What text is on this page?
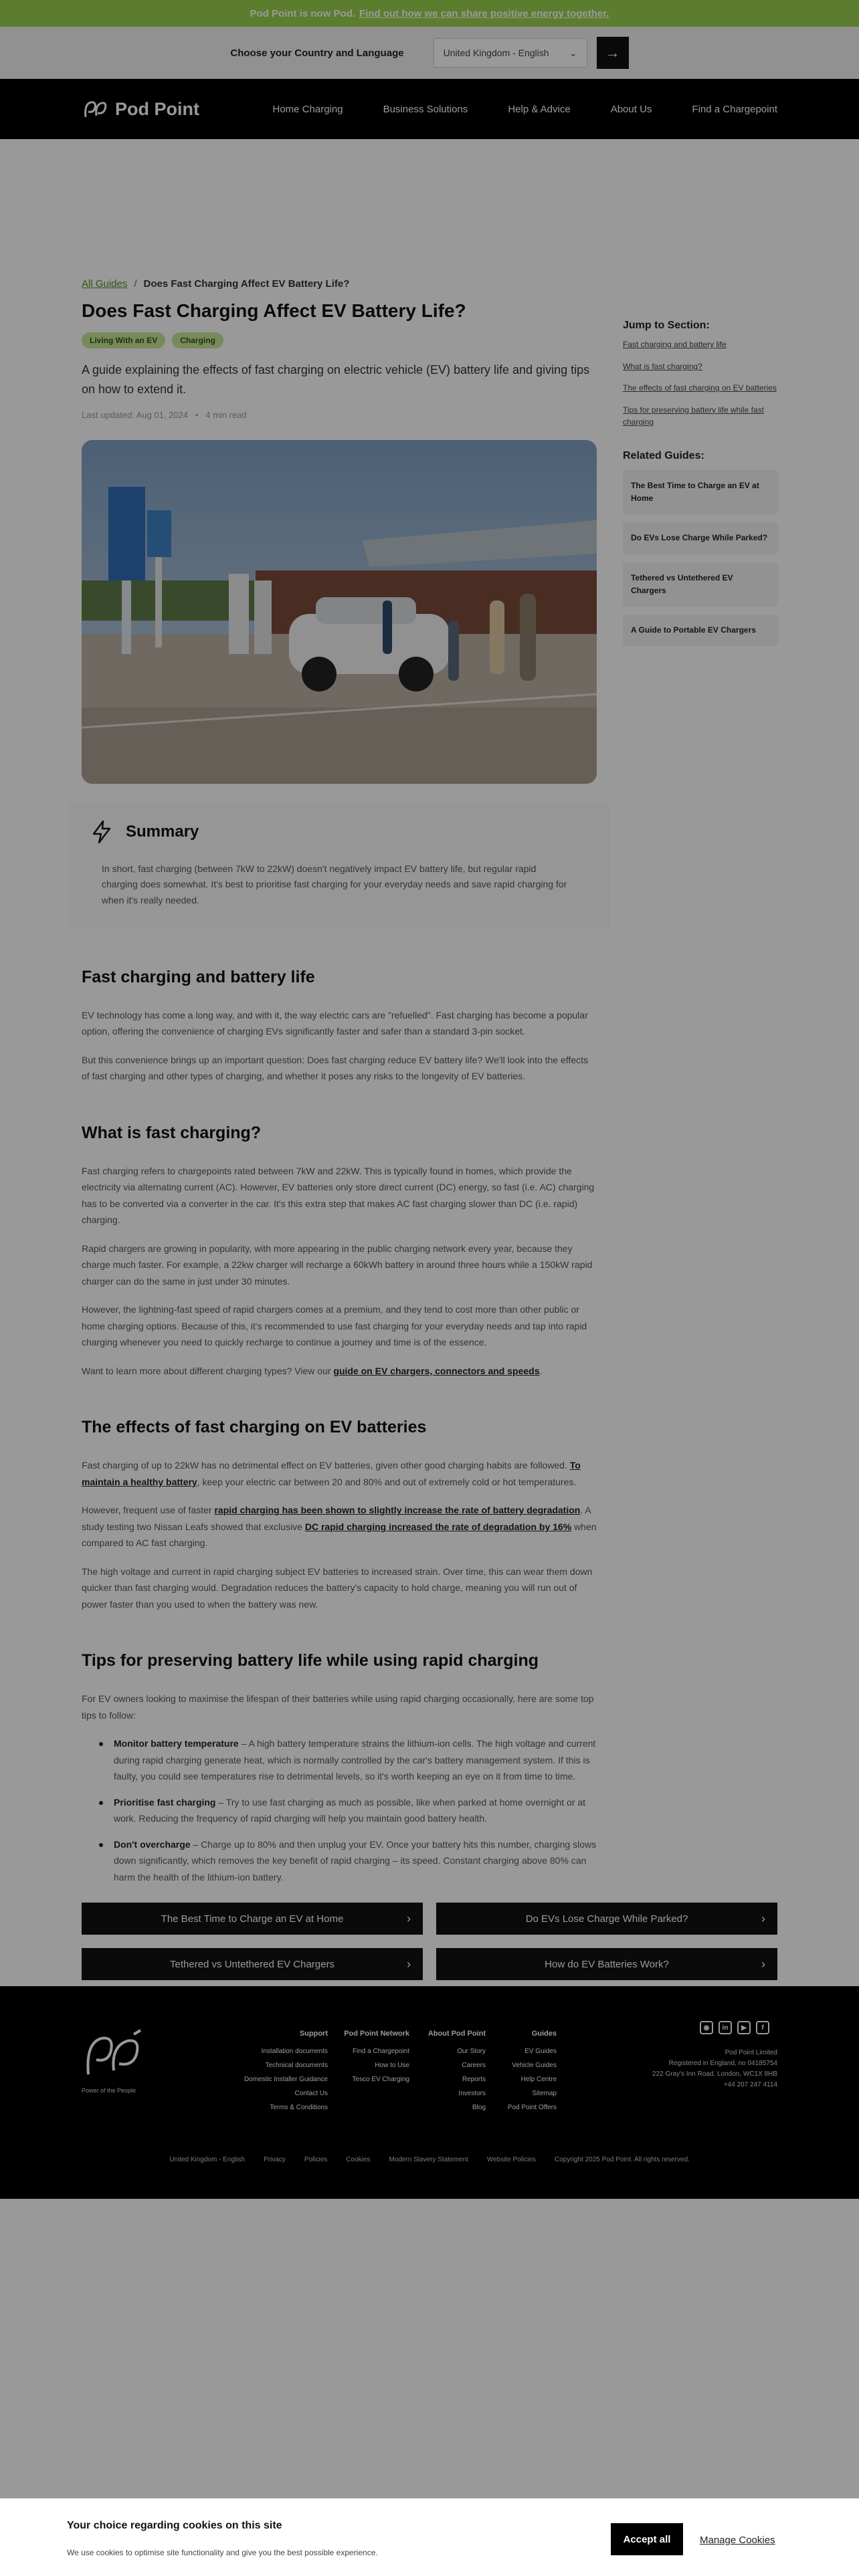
Pod Point is now Pod. Find out how we can share positive energy together.
Choose your Country and Language	United Kingdom - English ⌄ →
Pod Point	Home Charging	Business Solutions	Help & Advice	About Us	Find a Chargepoint
All Guides / Does Fast Charging Affect EV Battery Life?
Does Fast Charging Affect EV Battery Life?
Living With an EV	Charging

A guide explaining the effects of fast charging on electric vehicle (EV) battery life and giving tips on how to extend it.

Last updated: Aug 01, 2024   •   4 min read
Summary

In short, fast charging (between 7kW to 22kW) doesn't negatively impact EV battery life, but regular rapid charging does somewhat. It's best to prioritise fast charging for your everyday needs and save rapid charging for when it's really needed.

Fast charging and battery life

EV technology has come a long way, and with it, the way electric cars are "refuelled". Fast charging has become a popular option, offering the convenience of charging EVs significantly faster and safer than a standard 3-pin socket.

But this convenience brings up an important question: Does fast charging reduce EV battery life? We'll look into the effects of fast charging and other types of charging, and whether it poses any risks to the longevity of EV batteries.

What is fast charging?

Fast charging refers to chargepoints rated between 7kW and 22kW. This is typically found in homes, which provide the electricity via alternating current (AC). However, EV batteries only store direct current (DC) energy, so fast (i.e. AC) charging has to be converted via a converter in the car. It's this extra step that makes AC fast charging slower than DC (i.e. rapid) charging.

Rapid chargers are growing in popularity, with more appearing in the public charging network every year, because they charge much faster. For example, a 22kw charger will recharge a 60kWh battery in around three hours while a 150kW rapid charger can do the same in just under 30 minutes.

However, the lightning-fast speed of rapid chargers comes at a premium, and they tend to cost more than other public or home charging options. Because of this, it's recommended to use fast charging for your everyday needs and tap into rapid charging whenever you need to quickly recharge to continue a journey and time is of the essence.

Want to learn more about different charging types? View our guide on EV chargers, connectors and speeds.

The effects of fast charging on EV batteries

Fast charging of up to 22kW has no detrimental effect on EV batteries, given other good charging habits are followed. To maintain a healthy battery, keep your electric car between 20 and 80% and out of extremely cold or hot temperatures.

However, frequent use of faster rapid charging has been shown to slightly increase the rate of battery degradation. A study testing two Nissan Leafs showed that exclusive DC rapid charging increased the rate of degradation by 16% when compared to AC fast charging.

The high voltage and current in rapid charging subject EV batteries to increased strain. Over time, this can wear them down quicker than fast charging would. Degradation reduces the battery's capacity to hold charge, meaning you will run out of power faster than you used to when the battery was new.

Tips for preserving battery life while using rapid charging

For EV owners looking to maximise the lifespan of their batteries while using rapid charging occasionally, here are some top tips to follow:

Monitor battery temperature – A high battery temperature strains the lithium-ion cells. The high voltage and current during rapid charging generate heat, which is normally controlled by the car's battery management system. If this is faulty, you could see temperatures rise to detrimental levels, so it's worth keeping an eye on it from time to time.
Prioritise fast charging – Try to use fast charging as much as possible, like when parked at home overnight or at work. Reducing the frequency of rapid charging will help you maintain good battery health.
Don't overcharge – Charge up to 80% and then unplug your EV. Once your battery hits this number, charging slows down significantly, which removes the key benefit of rapid charging – its speed. Constant charging above 80% can harm the health of the lithium-ion battery.
The Best Time to Charge an EV at Home	›	Do EVs Lose Charge While Parked?	›
Tethered vs Untethered EV Chargers	›	How do EV Batteries Work?	›
Jump to Section:
Fast charging and battery life
What is fast charging?
The effects of fast charging on EV batteries
Tips for preserving battery life while fast charging
Related Guides:
The Best Time to Charge an EV at Home
Do EVs Lose Charge While Parked?
Tethered vs Untethered EV Chargers
A Guide to Portable EV Chargers
Power of the People
Support
Installation documents
Technical documents
Domestic Installer Guidance
Contact Us
Terms & Conditions
Pod Point Network
Find a Chargepoint
How to Use
Tesco EV Charging
About Pod Point
Our Story
Careers
Reports
Investors
Blog
Guides
EV Guides
Vehicle Guides
Help Centre
Sitemap
Pod Point Offers
◉	in	▶	f
Pod Point Limited
Registered in England, no 04185754
222 Gray's Inn Road, London, WC1X 8HB
+44 207 247 4114
United Kingdom - English	Privacy	Policies	Cookies	Modern Slavery Statement	Website Policies	Copyright 2025 Pod Point. All rights reserved.
Your choice regarding cookies on this site
We use cookies to optimise site functionality and give you the best possible experience.
Accept all	Manage Cookies
